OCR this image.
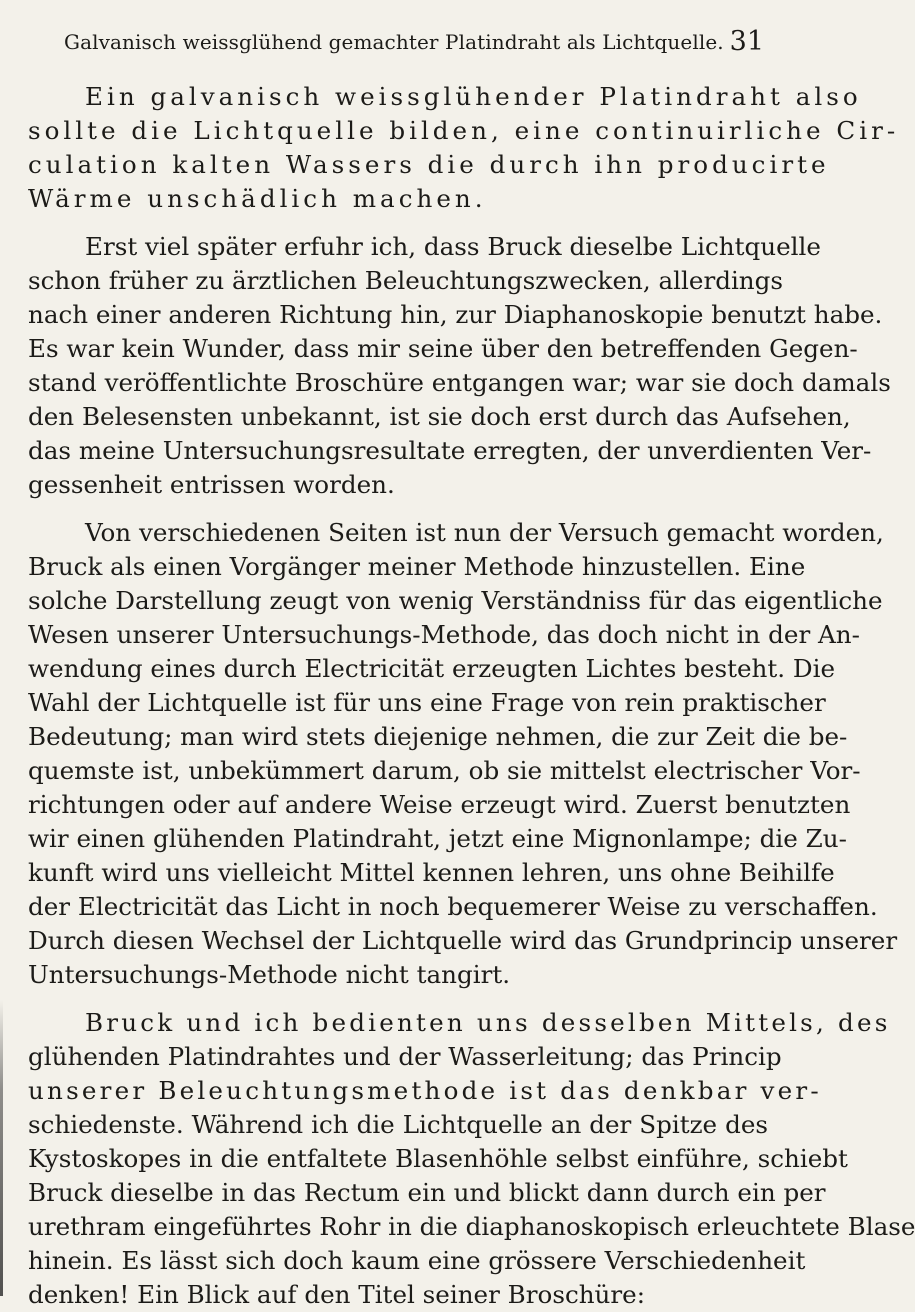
Galvanisch weissglühend gemachter Platindraht als Lichtquelle. 31
Ein galvanisch weissglühender Platindraht also
sollte die Lichtquelle bilden, eine continuirliche Cir-
culation kalten Wassers die durch ihn producirte
Wärme unschädlich machen.
Erst viel später erfuhr ich, dass Bruck dieselbe Lichtquelle
schon früher zu ärztlichen Beleuchtungszwecken, allerdings
nach einer anderen Richtung hin, zur Diaphanoskopie benutzt habe.
Es war kein Wunder, dass mir seine über den betreffenden Gegen-
stand veröffentlichte Broschüre entgangen war; war sie doch damals
den Belesensten unbekannt, ist sie doch erst durch das Aufsehen,
das meine Untersuchungsresultate erregten, der unverdienten Ver-
gessenheit entrissen worden.
Von verschiedenen Seiten ist nun der Versuch gemacht worden,
Bruck als einen Vorgänger meiner Methode hinzustellen. Eine
solche Darstellung zeugt von wenig Verständniss für das eigentliche
Wesen unserer Untersuchungs-Methode, das doch nicht in der An-
wendung eines durch Electricität erzeugten Lichtes besteht. Die
Wahl der Lichtquelle ist für uns eine Frage von rein praktischer
Bedeutung; man wird stets diejenige nehmen, die zur Zeit die be-
quemste ist, unbekümmert darum, ob sie mittelst electrischer Vor-
richtungen oder auf andere Weise erzeugt wird. Zuerst benutzten
wir einen glühenden Platindraht, jetzt eine Mignonlampe; die Zu-
kunft wird uns vielleicht Mittel kennen lehren, uns ohne Beihilfe
der Electricität das Licht in noch bequemerer Weise zu verschaffen.
Durch diesen Wechsel der Lichtquelle wird das Grundprincip unserer
Untersuchungs-Methode nicht tangirt.
Bruck und ich bedienten uns desselben Mittels, des
glühenden Platindrahtes und der Wasserleitung; das Princip
unserer Beleuchtungsmethode ist das denkbar ver-
schiedenste. Während ich die Lichtquelle an der Spitze des
Kystoskopes in die entfaltete Blasenhöhle selbst einführe, schiebt
Bruck dieselbe in das Rectum ein und blickt dann durch ein per
urethram eingeführtes Rohr in die diaphanoskopisch erleuchtete Blase
hinein. Es lässt sich doch kaum eine grössere Verschiedenheit
denken! Ein Blick auf den Titel seiner Broschüre:
